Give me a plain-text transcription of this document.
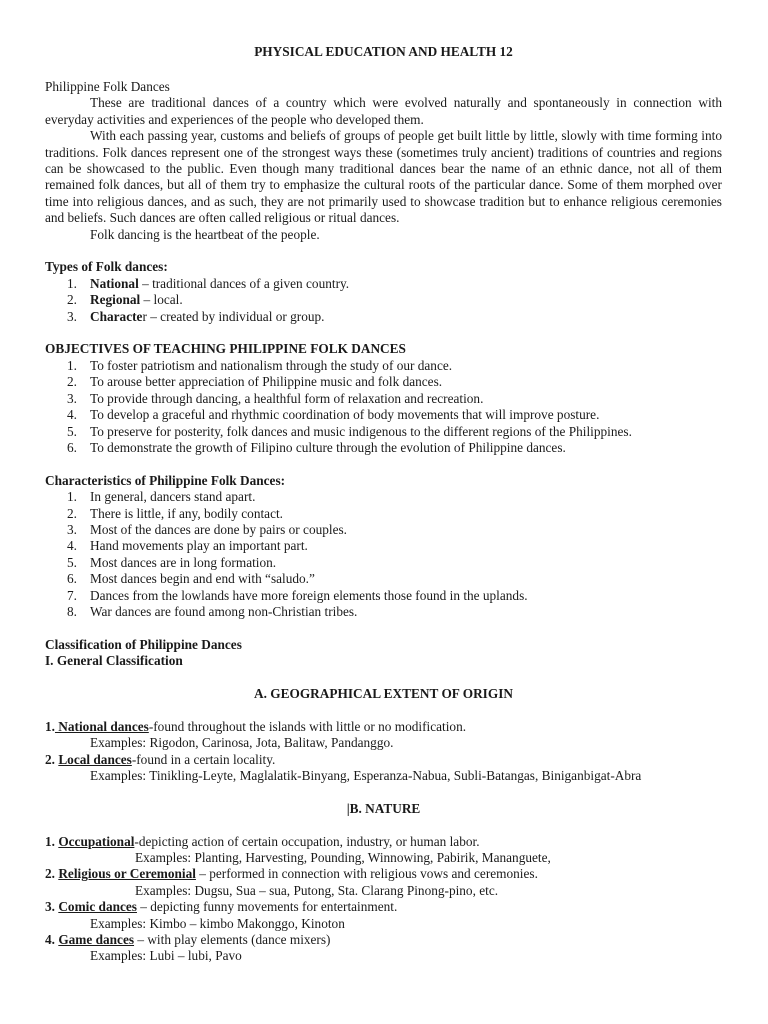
PHYSICAL EDUCATION AND HEALTH 12

Philippine Folk Dances

These are traditional dances of a country which were evolved naturally and spontaneously in connection with everyday activities and experiences of the people who developed them.

With each passing year, customs and beliefs of groups of people get built little by little, slowly with time forming into traditions. Folk dances represent one of the strongest ways these (sometimes truly ancient) traditions of countries and regions can be showcased to the public. Even though many traditional dances bear the name of an ethnic dance, not all of them remained folk dances, but all of them try to emphasize the cultural roots of the particular dance. Some of them morphed over time into religious dances, and as such, they are not primarily used to showcase tradition but to enhance religious ceremonies and beliefs. Such dances are often called religious or ritual dances.

Folk dancing is the heartbeat of the people.

Types of Folk dances:

1. National – traditional dances of a given country.
2. Regional – local.
3. Character – created by individual or group.

OBJECTIVES OF TEACHING PHILIPPINE FOLK DANCES

1. To foster patriotism and nationalism through the study of our dance.
2. To arouse better appreciation of Philippine music and folk dances.
3. To provide through dancing, a healthful form of relaxation and recreation.
4. To develop a graceful and rhythmic coordination of body movements that will improve posture.
5. To preserve for posterity, folk dances and music indigenous to the different regions of the Philippines.
6. To demonstrate the growth of Filipino culture through the evolution of Philippine dances.

Characteristics of Philippine Folk Dances:

1. In general, dancers stand apart.
2. There is little, if any, bodily contact.
3. Most of the dances are done by pairs or couples.
4. Hand movements play an important part.
5. Most dances are in long formation.
6. Most dances begin and end with “saludo.”
7. Dances from the lowlands have more foreign elements those found in the uplands.
8. War dances are found among non-Christian tribes.

Classification of Philippine Dances

I. General Classification

A. GEOGRAPHICAL EXTENT OF ORIGIN

1. National dances-found throughout the islands with little or no modification.

Examples: Rigodon, Carinosa, Jota, Balitaw, Pandanggo.

2. Local dances-found in a certain locality.

Examples: Tinikling-Leyte, Maglalatik-Binyang, Esperanza-Nabua, Subli-Batangas, Biniganbigat-Abra

|B. NATURE

1. Occupational-depicting action of certain occupation, industry, or human labor.

Examples: Planting, Harvesting, Pounding, Winnowing, Pabirik, Mananguete,

2. Religious or Ceremonial – performed in connection with religious vows and ceremonies.

Examples: Dugsu, Sua – sua, Putong, Sta. Clarang Pinong-pino, etc.

3. Comic dances – depicting funny movements for entertainment.

Examples: Kimbo – kimbo Makonggo, Kinoton

4. Game dances – with play elements (dance mixers)

Examples: Lubi – lubi, Pavo
